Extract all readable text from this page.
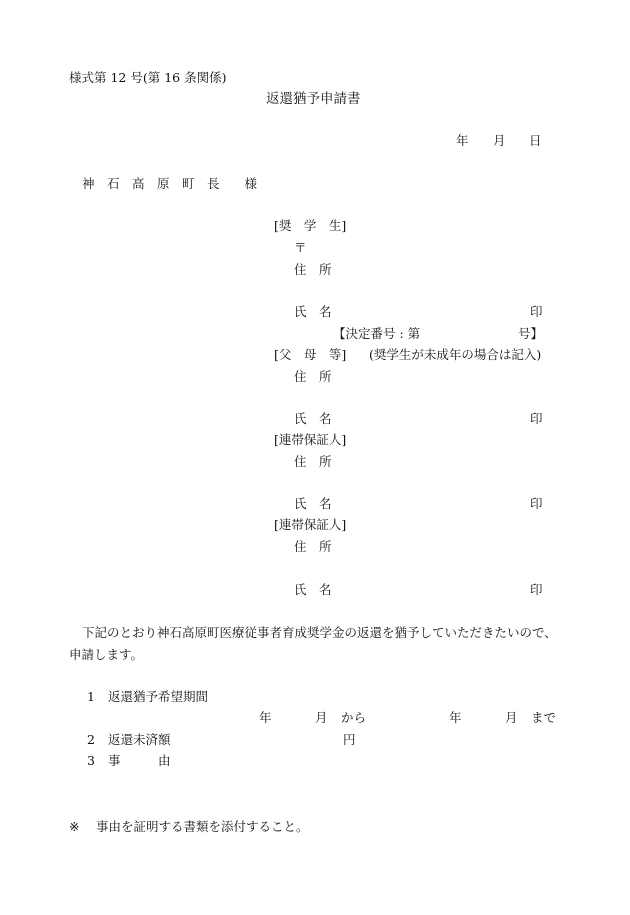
様式第 12 号(第 16 条関係)
返還猶予申請書
年 月 日
神　石　高　原　町　長　　様
[奨　学　生]
〒
住　所
氏　名	印
【決定番号 : 第	号】
[父　母　等] (奨学生が未成年の場合は記入)
住　所
氏　名	印
[連帯保証人]
住　所
氏　名	印
[連帯保証人]
住　所
氏　名	印
下記のとおり神石高原町医療従事者育成奨学金の返還を猶予していただきたいので、
申請します。
1 返還猶予希望期間
年	月 から	年	月 まで
2 返還未済額	円
3 事　　　由
※ 事由を証明する書類を添付すること。
